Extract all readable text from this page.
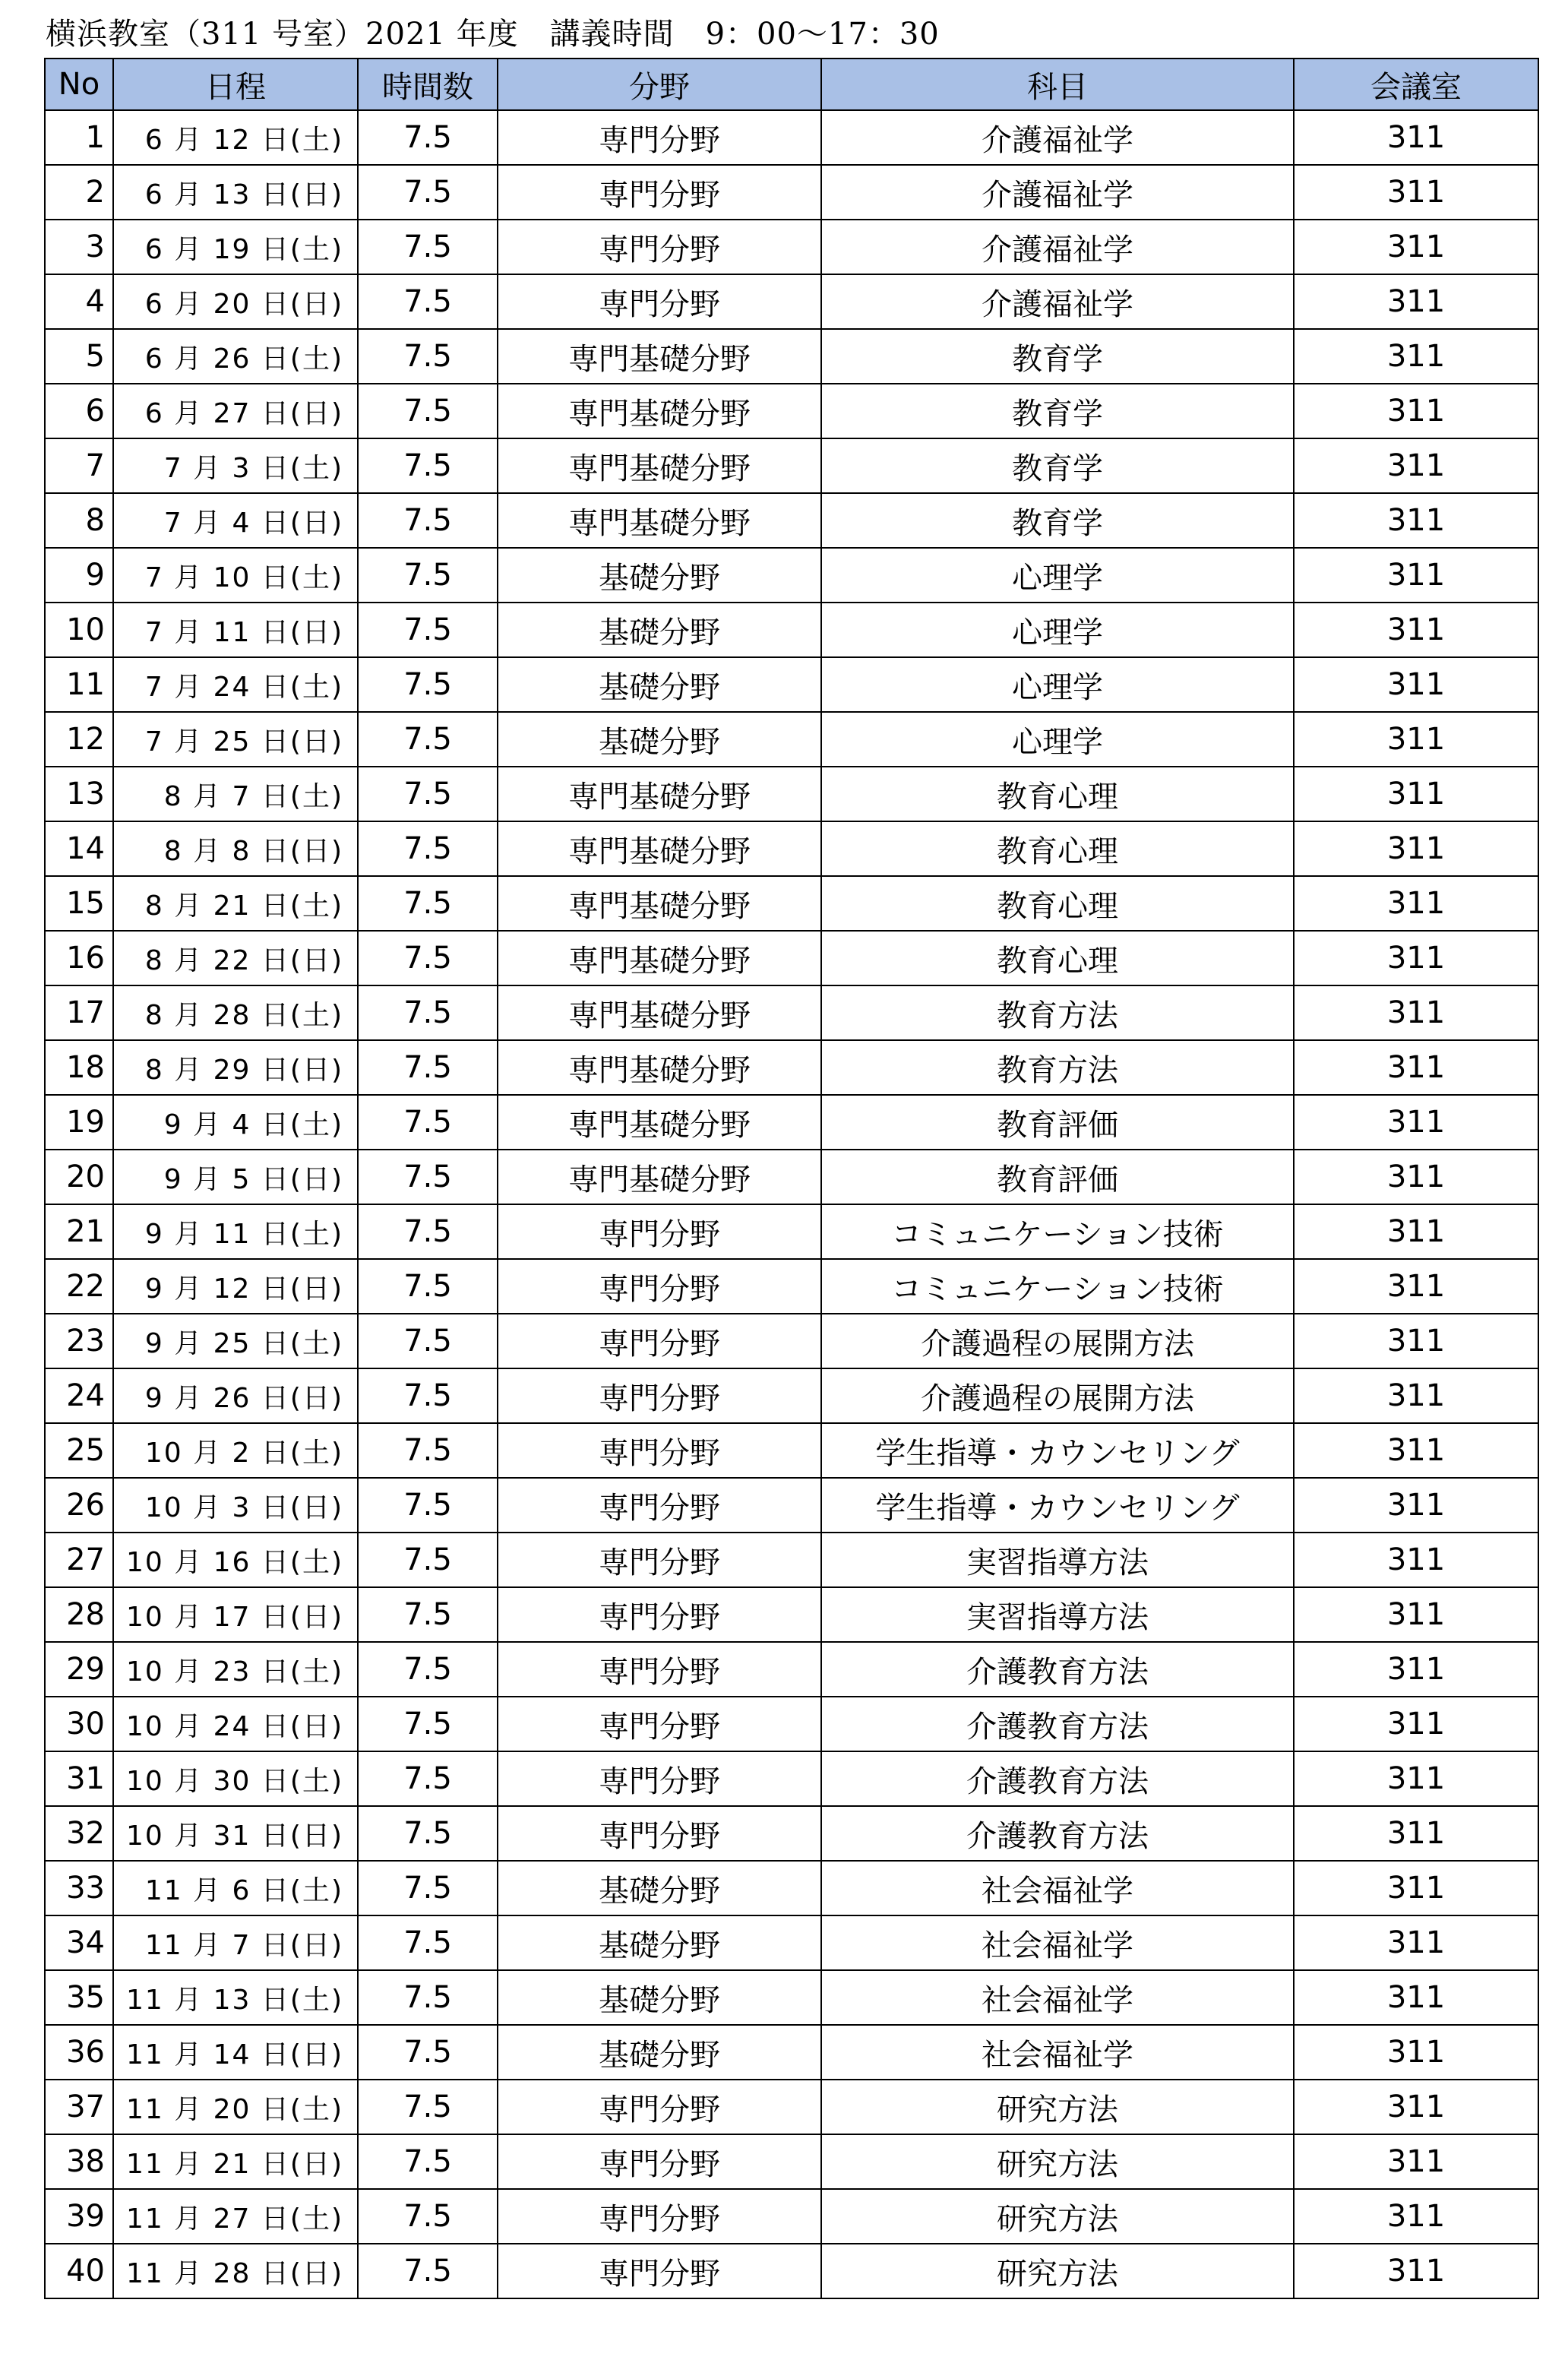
横浜教室（311 号室）2021 年度　講義時間　9：00〜17：30
No	日程	時間数	分野	科目	会議室
1	6 月 12 日(土)	7.5	専門分野	介護福祉学	311
2	6 月 13 日(日)	7.5	専門分野	介護福祉学	311
3	6 月 19 日(土)	7.5	専門分野	介護福祉学	311
4	6 月 20 日(日)	7.5	専門分野	介護福祉学	311
5	6 月 26 日(土)	7.5	専門基礎分野	教育学	311
6	6 月 27 日(日)	7.5	専門基礎分野	教育学	311
7	7 月 3 日(土)	7.5	専門基礎分野	教育学	311
8	7 月 4 日(日)	7.5	専門基礎分野	教育学	311
9	7 月 10 日(土)	7.5	基礎分野	心理学	311
10	7 月 11 日(日)	7.5	基礎分野	心理学	311
11	7 月 24 日(土)	7.5	基礎分野	心理学	311
12	7 月 25 日(日)	7.5	基礎分野	心理学	311
13	8 月 7 日(土)	7.5	専門基礎分野	教育心理	311
14	8 月 8 日(日)	7.5	専門基礎分野	教育心理	311
15	8 月 21 日(土)	7.5	専門基礎分野	教育心理	311
16	8 月 22 日(日)	7.5	専門基礎分野	教育心理	311
17	8 月 28 日(土)	7.5	専門基礎分野	教育方法	311
18	8 月 29 日(日)	7.5	専門基礎分野	教育方法	311
19	9 月 4 日(土)	7.5	専門基礎分野	教育評価	311
20	9 月 5 日(日)	7.5	専門基礎分野	教育評価	311
21	9 月 11 日(土)	7.5	専門分野	コミュニケーション技術	311
22	9 月 12 日(日)	7.5	専門分野	コミュニケーション技術	311
23	9 月 25 日(土)	7.5	専門分野	介護過程の展開方法	311
24	9 月 26 日(日)	7.5	専門分野	介護過程の展開方法	311
25	10 月 2 日(土)	7.5	専門分野	学生指導・カウンセリング	311
26	10 月 3 日(日)	7.5	専門分野	学生指導・カウンセリング	311
27	10 月 16 日(土)	7.5	専門分野	実習指導方法	311
28	10 月 17 日(日)	7.5	専門分野	実習指導方法	311
29	10 月 23 日(土)	7.5	専門分野	介護教育方法	311
30	10 月 24 日(日)	7.5	専門分野	介護教育方法	311
31	10 月 30 日(土)	7.5	専門分野	介護教育方法	311
32	10 月 31 日(日)	7.5	専門分野	介護教育方法	311
33	11 月 6 日(土)	7.5	基礎分野	社会福祉学	311
34	11 月 7 日(日)	7.5	基礎分野	社会福祉学	311
35	11 月 13 日(土)	7.5	基礎分野	社会福祉学	311
36	11 月 14 日(日)	7.5	基礎分野	社会福祉学	311
37	11 月 20 日(土)	7.5	専門分野	研究方法	311
38	11 月 21 日(日)	7.5	専門分野	研究方法	311
39	11 月 27 日(土)	7.5	専門分野	研究方法	311
40	11 月 28 日(日)	7.5	専門分野	研究方法	311
